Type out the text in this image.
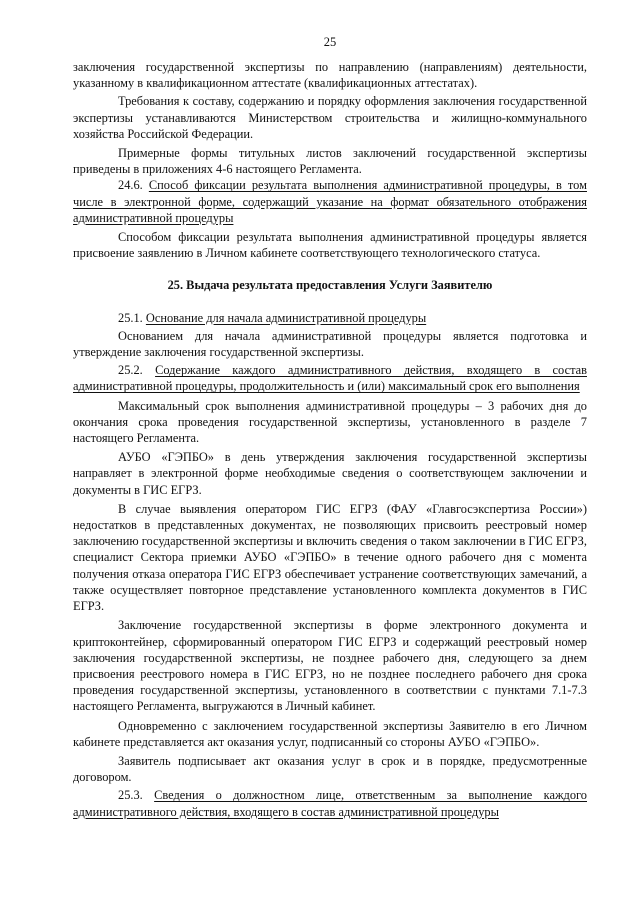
25

заключения государственной экспертизы по направлению (направлениям) деятельности, указанному в квалификационном аттестате (квалификационных аттестатах).

Требования к составу, содержанию и порядку оформления заключения государственной экспертизы устанавливаются Министерством строительства и жилищно-коммунального хозяйства Российской Федерации.

Примерные формы титульных листов заключений государственной экспертизы приведены в приложениях 4-6 настоящего Регламента.

24.6. Способ фиксации результата выполнения административной процедуры, в том числе в электронной форме, содержащий указание на формат обязательного отображения административной процедуры

Способом фиксации результата выполнения административной процедуры является присвоение заявлению в Личном кабинете соответствующего технологического статуса.

25. Выдача результата предоставления Услуги Заявителю

25.1. Основание для начала административной процедуры

Основанием для начала административной процедуры является подготовка и утверждение заключения государственной экспертизы.

25.2. Содержание каждого административного действия, входящего в состав административной процедуры, продолжительность и (или) максимальный срок его выполнения

Максимальный срок выполнения административной процедуры – 3 рабочих дня до окончания срока проведения государственной экспертизы, установленного в разделе 7 настоящего Регламента.

АУБО «ГЭПБО» в день утверждения заключения государственной экспертизы направляет в электронной форме необходимые сведения о соответствующем заключении и документы в ГИС ЕГРЗ.

В случае выявления оператором ГИС ЕГРЗ (ФАУ «Главгосэкспертиза России») недостатков в представленных документах, не позволяющих присвоить реестровый номер заключению государственной экспертизы и включить сведения о таком заключении в ГИС ЕГРЗ, специалист Сектора приемки АУБО «ГЭПБО» в течение одного рабочего дня с момента получения отказа оператора ГИС ЕГРЗ обеспечивает устранение соответствующих замечаний, а также осуществляет повторное представление установленного комплекта документов в ГИС ЕГРЗ.

Заключение государственной экспертизы в форме электронного документа и криптоконтейнер, сформированный оператором ГИС ЕГРЗ и содержащий реестровый номер заключения государственной экспертизы, не позднее рабочего дня, следующего за днем присвоения реестрового номера в ГИС ЕГРЗ, но не позднее последнего рабочего дня срока проведения государственной экспертизы, установленного в соответствии с пунктами 7.1-7.3 настоящего Регламента, выгружаются в Личный кабинет.

Одновременно с заключением государственной экспертизы Заявителю в его Личном кабинете представляется акт оказания услуг, подписанный со стороны АУБО «ГЭПБО».

Заявитель подписывает акт оказания услуг в срок и в порядке, предусмотренные договором.

25.3. Сведения о должностном лице, ответственным за выполнение каждого административного действия, входящего в состав административной процедуры
